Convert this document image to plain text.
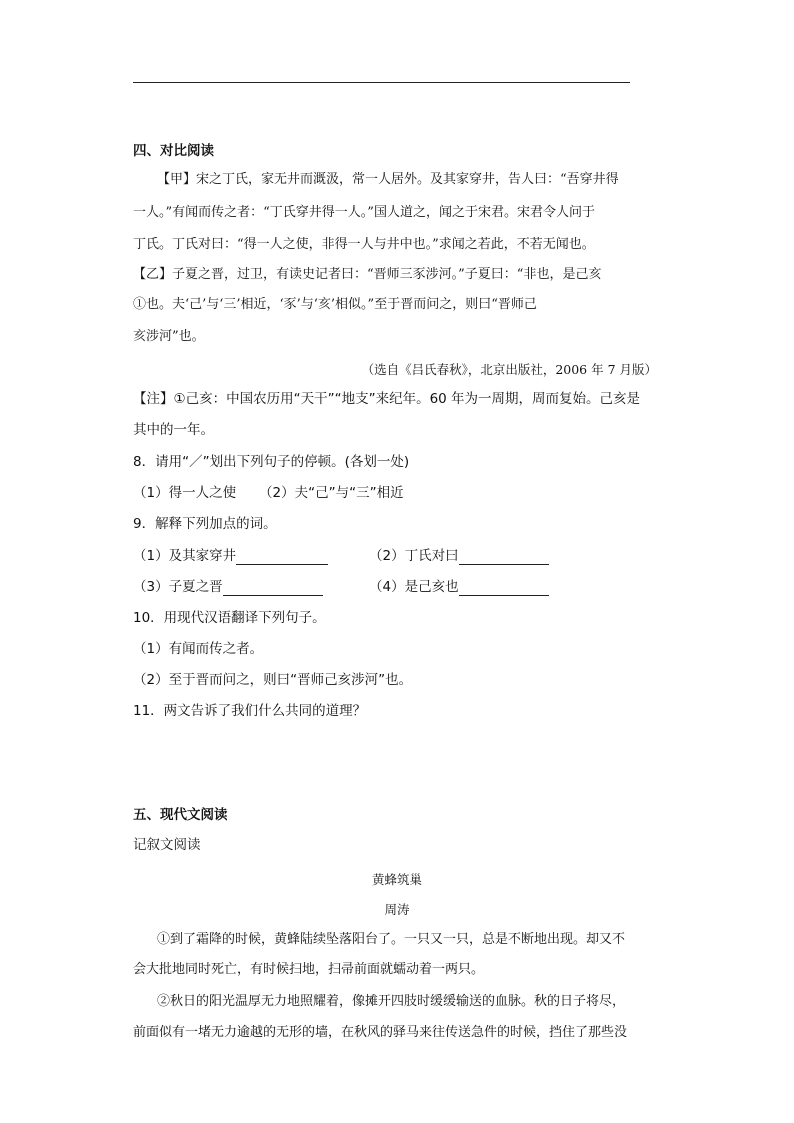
四、对比阅读
【甲】宋之丁氏，家无井而溉汲，常一人居外。及其家穿井，告人曰：“吾穿井得
一人。”有闻而传之者：“丁氏穿井得一人。”国人道之，闻之于宋君。宋君令人问于
丁氏。丁氏对曰：“得一人之使，非得一人与井中也。”求闻之若此，不若无闻也。
【乙】子夏之晋，过卫，有读史记者曰：“晋师三豕涉河。”子夏曰：“非也，是己亥
①也。夫‘己’与‘三’相近，‘豕’与‘亥’相似。”至于晋而问之，则曰“晋师己
亥涉河”也。
（选自《吕氏春秋》，北京出版社，2006 年 7 月版）
【注】①己亥：中国农历用“天干”“地支”来纪年。60 年为一周期，周而复始。己亥是
其中的一年。
8．请用“／”划出下列句子的停顿。(各划一处)
（1）得一人之使 （2）夫“己”与“三”相近
9．解释下列加点的词。
（1）及其家穿井	（2）丁氏对曰
（3）子夏之晋	（4）是己亥也
10．用现代汉语翻译下列句子。
（1）有闻而传之者。
（2）至于晋而问之，则曰“晋师己亥涉河”也。
11．两文告诉了我们什么共同的道理？
五、现代文阅读
记叙文阅读
黄蜂筑巢
周涛
①到了霜降的时候，黄蜂陆续坠落阳台了。一只又一只，总是不断地出现。却又不
会大批地同时死亡，有时候扫地，扫帚前面就蠕动着一两只。
②秋日的阳光温厚无力地照耀着，像摊开四肢时缓缓输送的血脉。秋的日子将尽，
前面似有一堵无力逾越的无形的墙，在秋风的驿马来往传送急件的时候，挡住了那些没
